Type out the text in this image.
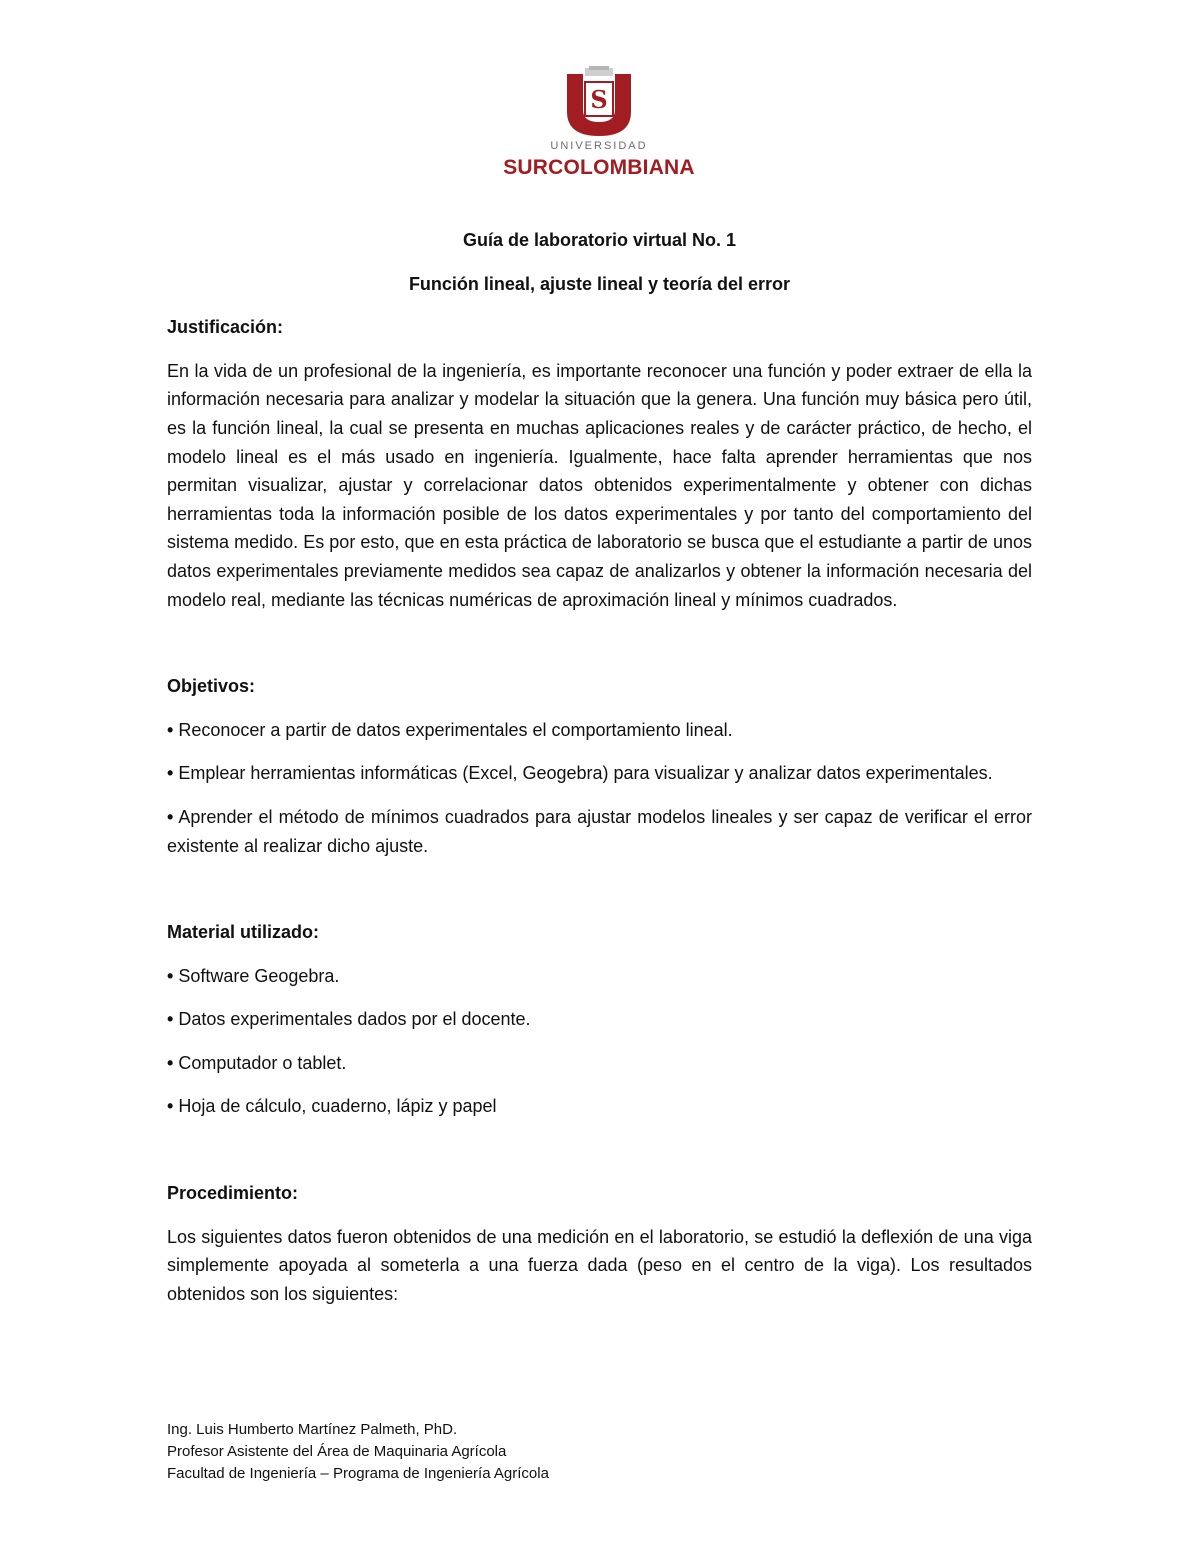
S
UNIVERSIDAD
SURCOLOMBIANA

Guía de laboratorio virtual No. 1

Función lineal, ajuste lineal y teoría del error

Justificación:

En la vida de un profesional de la ingeniería, es importante reconocer una función y poder extraer de ella la información necesaria para analizar y modelar la situación que la genera. Una función muy básica pero útil, es la función lineal, la cual se presenta en muchas aplicaciones reales y de carácter práctico, de hecho, el modelo lineal es el más usado en ingeniería. Igualmente, hace falta aprender herramientas que nos permitan visualizar, ajustar y correlacionar datos obtenidos experimentalmente y obtener con dichas herramientas toda la información posible de los datos experimentales y por tanto del comportamiento del sistema medido. Es por esto, que en esta práctica de laboratorio se busca que el estudiante a partir de unos datos experimentales previamente medidos sea capaz de analizarlos y obtener la información necesaria del modelo real, mediante las técnicas numéricas de aproximación lineal y mínimos cuadrados.

Objetivos:

• Reconocer a partir de datos experimentales el comportamiento lineal.

• Emplear herramientas informáticas (Excel, Geogebra) para visualizar y analizar datos experimentales.

• Aprender el método de mínimos cuadrados para ajustar modelos lineales y ser capaz de verificar el error existente al realizar dicho ajuste.

Material utilizado:

• Software Geogebra.

• Datos experimentales dados por el docente.

• Computador o tablet.

• Hoja de cálculo, cuaderno, lápiz y papel

Procedimiento:

Los siguientes datos fueron obtenidos de una medición en el laboratorio, se estudió la deflexión de una viga simplemente apoyada al someterla a una fuerza dada (peso en el centro de la viga). Los resultados obtenidos son los siguientes:

Ing. Luis Humberto Martínez Palmeth, PhD.
Profesor Asistente del Área de Maquinaria Agrícola
Facultad de Ingeniería – Programa de Ingeniería Agrícola
